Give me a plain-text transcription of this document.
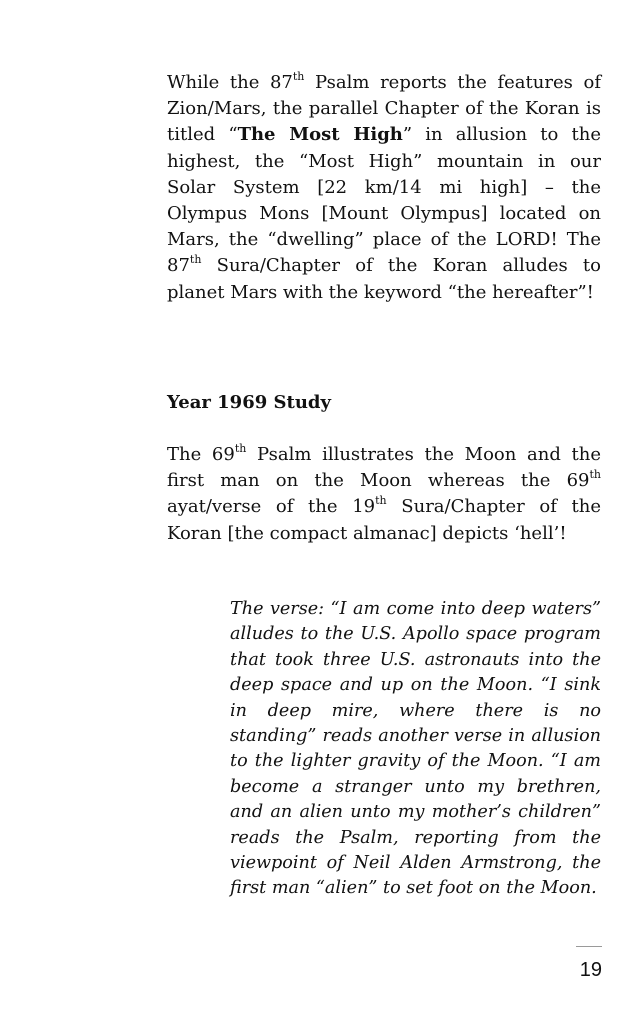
While the 87th Psalm reports the features of Zion/Mars, the parallel Chapter of the Koran is titled “The Most High” in allusion to the highest, the “Most High” mountain in our Solar System [22 km/14 mi high] – the Olympus Mons [Mount Olympus] located on Mars, the “dwelling” place of the LORD! The 87th Sura/Chapter of the Koran alludes to planet Mars with the keyword “the hereafter”!

Year 1969 Study

The 69th Psalm illustrates the Moon and the first man on the Moon whereas the 69th ayat/verse of the 19th Sura/Chapter of the Koran [the compact almanac] depicts ‘hell’!

The verse: “I am come into deep waters” alludes to the U.S. Apollo space program that took three U.S. astronauts into the deep space and up on the Moon. “I sink in deep mire, where there is no standing” reads another verse in allusion to the lighter gravity of the Moon. “I am become a stranger unto my brethren, and an alien unto my mother’s children” reads the Psalm, reporting from the viewpoint of Neil Alden Armstrong, the first man “alien” to set foot on the Moon.

19
